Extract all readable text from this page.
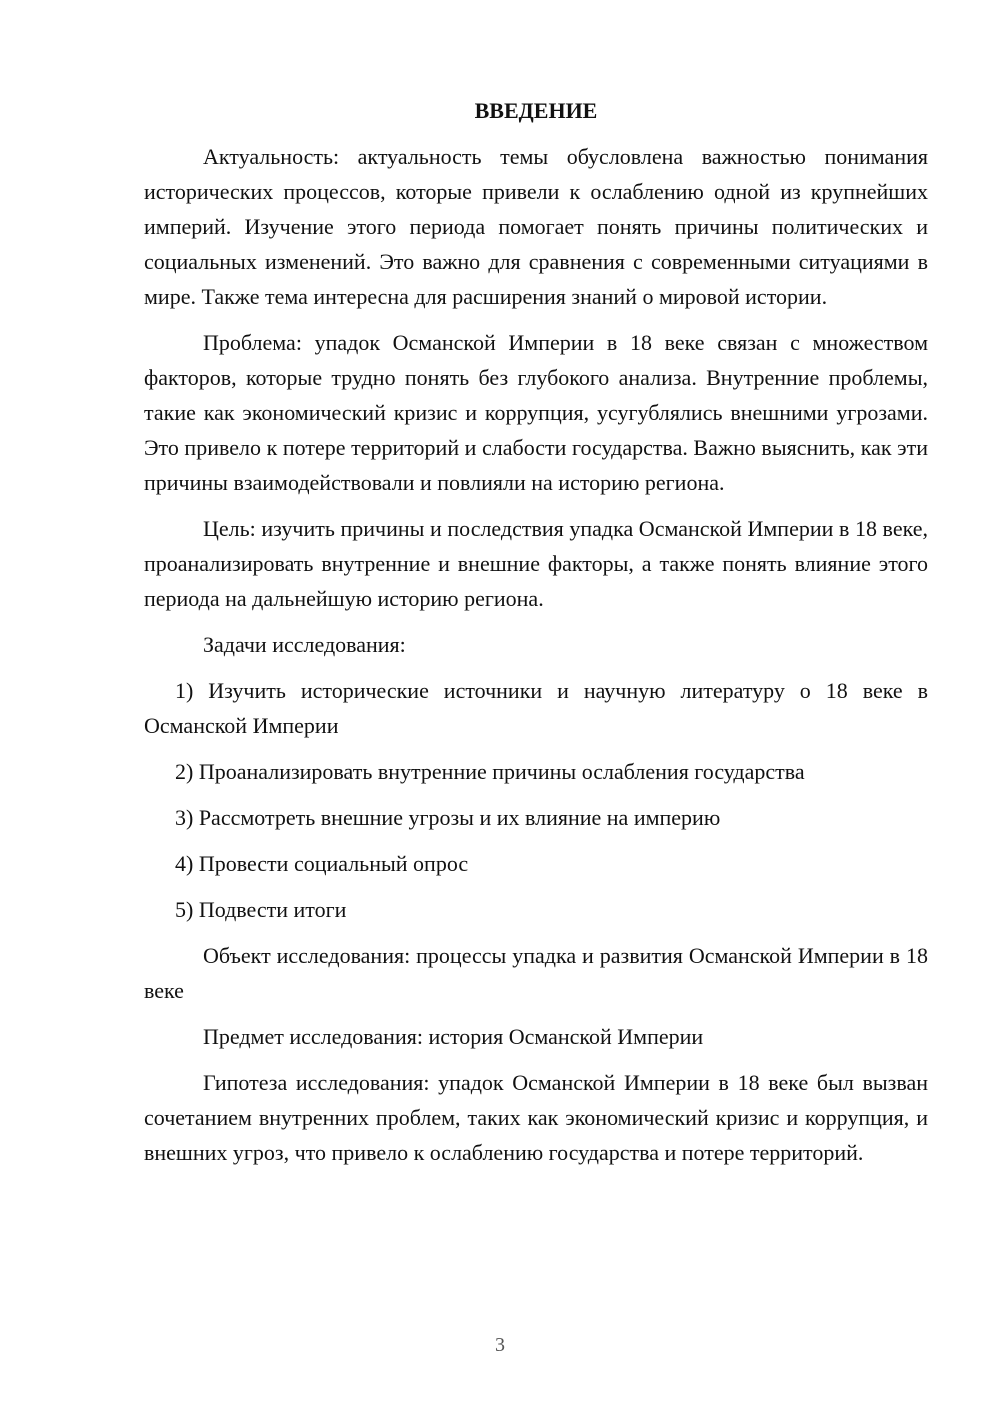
ВВЕДЕНИЕ

Актуальность: актуальность темы обусловлена важностью понимания исторических процессов, которые привели к ослаблению одной из крупнейших империй. Изучение этого периода помогает понять причины политических и социальных изменений. Это важно для сравнения с современными ситуациями в мире. Также тема интересна для расширения знаний о мировой истории.

Проблема: упадок Османской Империи в 18 веке связан с множеством факторов, которые трудно понять без глубокого анализа. Внутренние проблемы, такие как экономический кризис и коррупция, усугублялись внешними угрозами. Это привело к потере территорий и слабости государства. Важно выяснить, как эти причины взаимодействовали и повлияли на историю региона.

Цель: изучить причины и последствия упадка Османской Империи в 18 веке, проанализировать внутренние и внешние факторы, а также понять влияние этого периода на дальнейшую историю региона.

Задачи исследования:

1) Изучить исторические источники и научную литературу о 18 веке в Османской Империи

2) Проанализировать внутренние причины ослабления государства

3) Рассмотреть внешние угрозы и их влияние на империю

4) Провести социальный опрос

5) Подвести итоги

Объект исследования: процессы упадка и развития Османской Империи в 18 веке

Предмет исследования: история Османской Империи

Гипотеза исследования: упадок Османской Империи в 18 веке был вызван сочетанием внутренних проблем, таких как экономический кризис и коррупция, и внешних угроз, что привело к ослаблению государства и потере территорий.

3
